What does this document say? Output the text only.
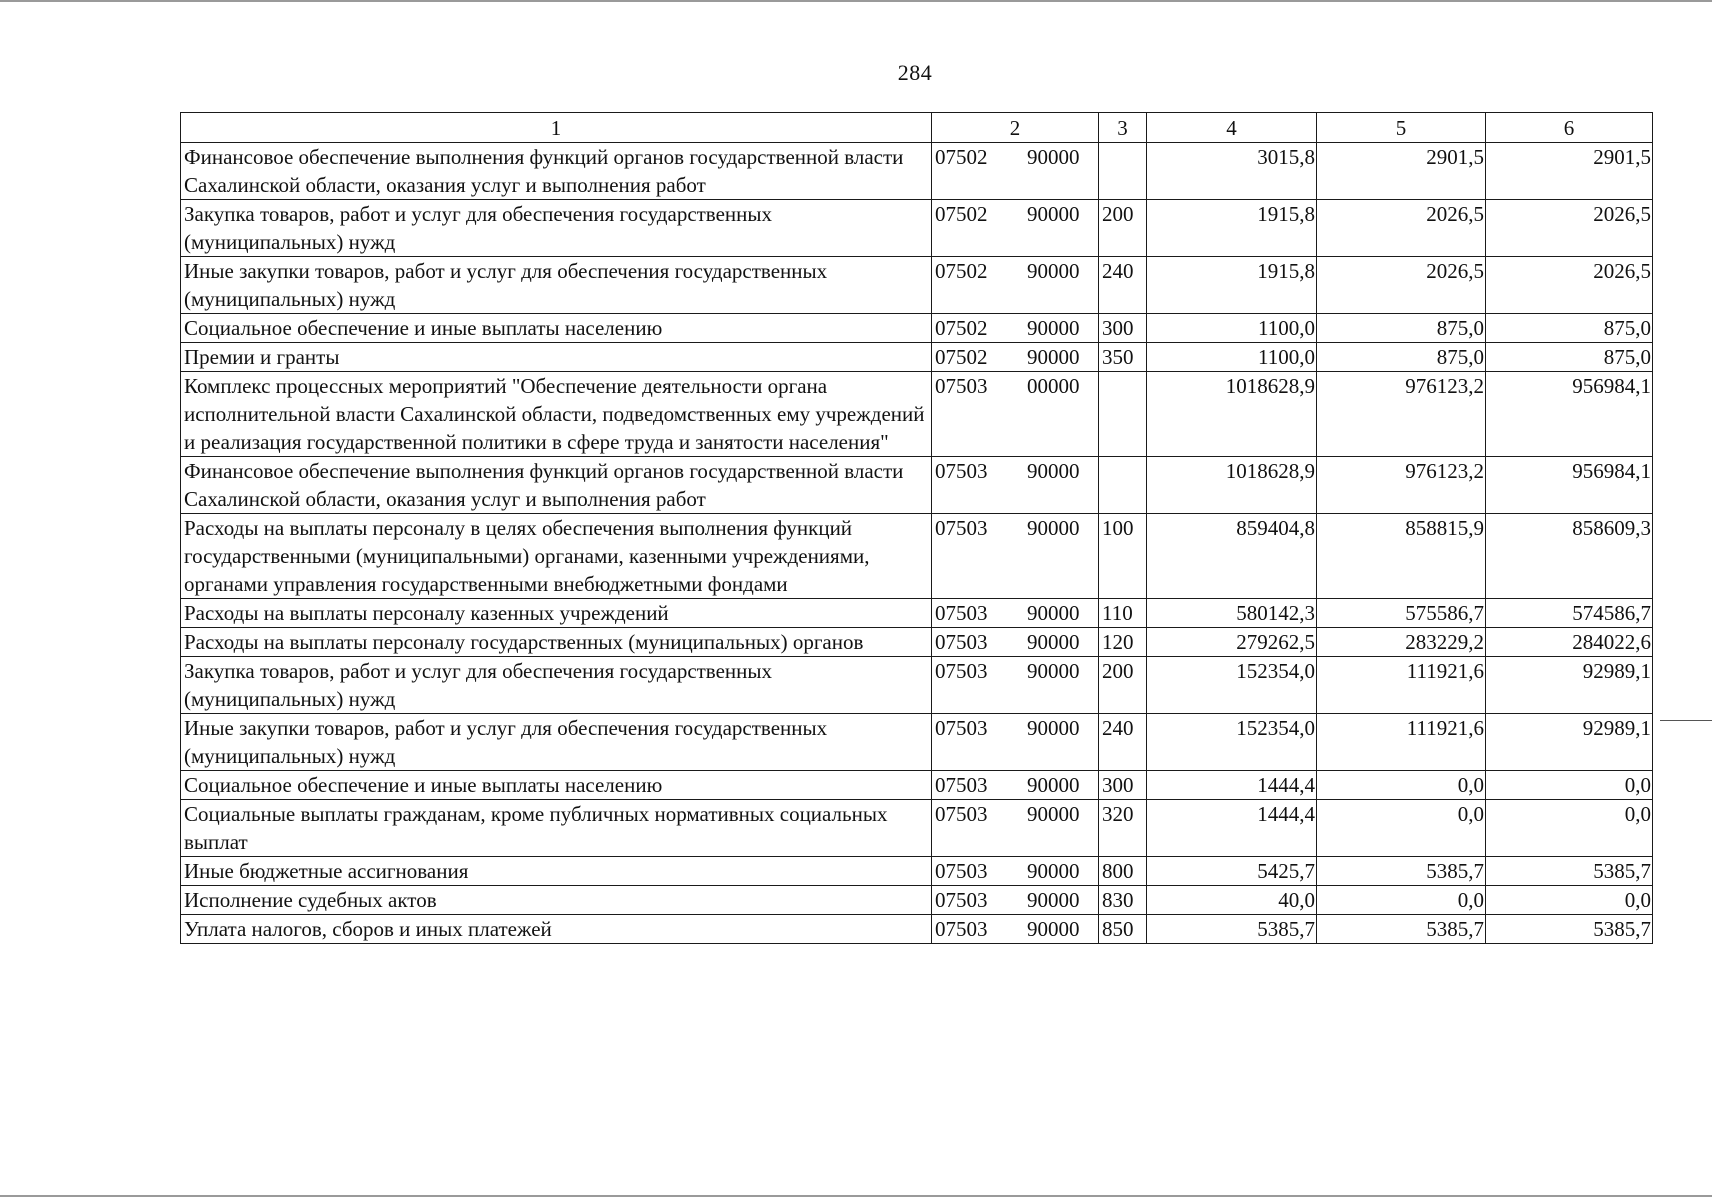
284
1	2	3	4	5	6
Финансовое обеспечение выполнения функций органов государственной власти Сахалинской области, оказания услуг и выполнения работ	07502 90000		3015,8	2901,5	2901,5
Закупка товаров, работ и услуг для обеспечения государственных (муниципальных) нужд	07502 90000	200	1915,8	2026,5	2026,5
Иные закупки товаров, работ и услуг для обеспечения государственных (муниципальных) нужд	07502 90000	240	1915,8	2026,5	2026,5
Социальное обеспечение и иные выплаты населению	07502 90000	300	1100,0	875,0	875,0
Премии и гранты	07502 90000	350	1100,0	875,0	875,0
Комплекс процессных мероприятий "Обеспечение деятельности органа исполнительной власти Сахалинской области, подведомственных ему учреждений и реализация государственной политики в сфере труда и занятости населения"	07503 00000		1018628,9	976123,2	956984,1
Финансовое обеспечение выполнения функций органов государственной власти Сахалинской области, оказания услуг и выполнения работ	07503 90000		1018628,9	976123,2	956984,1
Расходы на выплаты персоналу в целях обеспечения выполнения функций государственными (муниципальными) органами, казенными учреждениями, органами управления государственными внебюджетными фондами	07503 90000	100	859404,8	858815,9	858609,3
Расходы на выплаты персоналу казенных учреждений	07503 90000	110	580142,3	575586,7	574586,7
Расходы на выплаты персоналу государственных (муниципальных) органов	07503 90000	120	279262,5	283229,2	284022,6
Закупка товаров, работ и услуг для обеспечения государственных (муниципальных) нужд	07503 90000	200	152354,0	111921,6	92989,1
Иные закупки товаров, работ и услуг для обеспечения государственных (муниципальных) нужд	07503 90000	240	152354,0	111921,6	92989,1
Социальное обеспечение и иные выплаты населению	07503 90000	300	1444,4	0,0	0,0
Социальные выплаты гражданам, кроме публичных нормативных социальных выплат	07503 90000	320	1444,4	0,0	0,0
Иные бюджетные ассигнования	07503 90000	800	5425,7	5385,7	5385,7
Исполнение судебных актов	07503 90000	830	40,0	0,0	0,0
Уплата налогов, сборов и иных платежей	07503 90000	850	5385,7	5385,7	5385,7
